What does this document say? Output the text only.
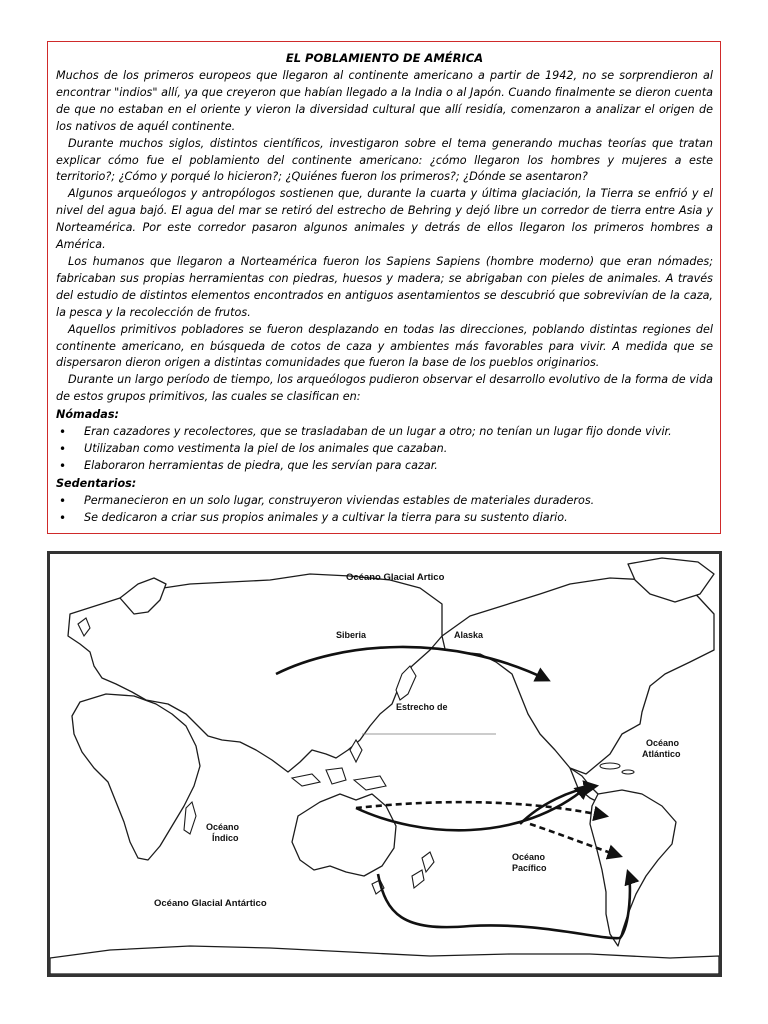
EL POBLAMIENTO DE AMÉRICA

Muchos de los primeros europeos que llegaron al continente americano a partir de 1942, no se sorprendieron al encontrar "indios" allí, ya que creyeron que habían llegado a la India o al Japón. Cuando finalmente se dieron cuenta de que no estaban en el oriente y vieron la diversidad cultural que allí residía, comenzaron a analizar el origen de los nativos de aquél continente.

Durante muchos siglos, distintos científicos, investigaron sobre el tema generando muchas teorías que tratan explicar cómo fue el poblamiento del continente americano: ¿cómo llegaron los hombres y mujeres a este territorio?; ¿Cómo y porqué lo hicieron?; ¿Quiénes fueron los primeros?; ¿Dónde se asentaron?

Algunos arqueólogos y antropólogos sostienen que, durante la cuarta y última glaciación, la Tierra se enfrió y el nivel del agua bajó. El agua del mar se retiró del estrecho de Behring y dejó libre un corredor de tierra entre Asia y Norteamérica. Por este corredor pasaron algunos animales y detrás de ellos llegaron los primeros hombres a América.

Los humanos que llegaron a Norteamérica fueron los Sapiens Sapiens (hombre moderno) que eran nómades; fabricaban sus propias herramientas con piedras, huesos y madera; se abrigaban con pieles de animales. A través del estudio de distintos elementos encontrados en antiguos asentamientos se descubrió que sobrevivían de la caza, la pesca y la recolección de frutos.

Aquellos primitivos pobladores se fueron desplazando en todas las direcciones, poblando distintas regiones del continente americano, en búsqueda de cotos de caza y ambientes más favorables para vivir. A medida que se dispersaron dieron origen a distintas comunidades que fueron la base de los pueblos originarios.

Durante un largo período de tiempo, los arqueólogos pudieron observar el desarrollo evolutivo de la forma de vida de estos grupos primitivos, las cuales se clasifican en:

Nómadas:

• Eran cazadores y recolectores, que se trasladaban de un lugar a otro; no tenían un lugar fijo donde vivir.
• Utilizaban como vestimenta la piel de los animales que cazaban.
• Elaboraron herramientas de piedra, que les servían para cazar.

Sedentarios:

• Permanecieron en un solo lugar, construyeron viviendas estables de materiales duraderos.
• Se dedicaron a criar sus propios animales y a cultivar la tierra para su sustento diario.
Océano Glacial Artico
Siberia	Alaska
Estrecho de
Océano
Atlántico
Océano
Índico
Océano
Pacífico
Océano Glacial Antártico
